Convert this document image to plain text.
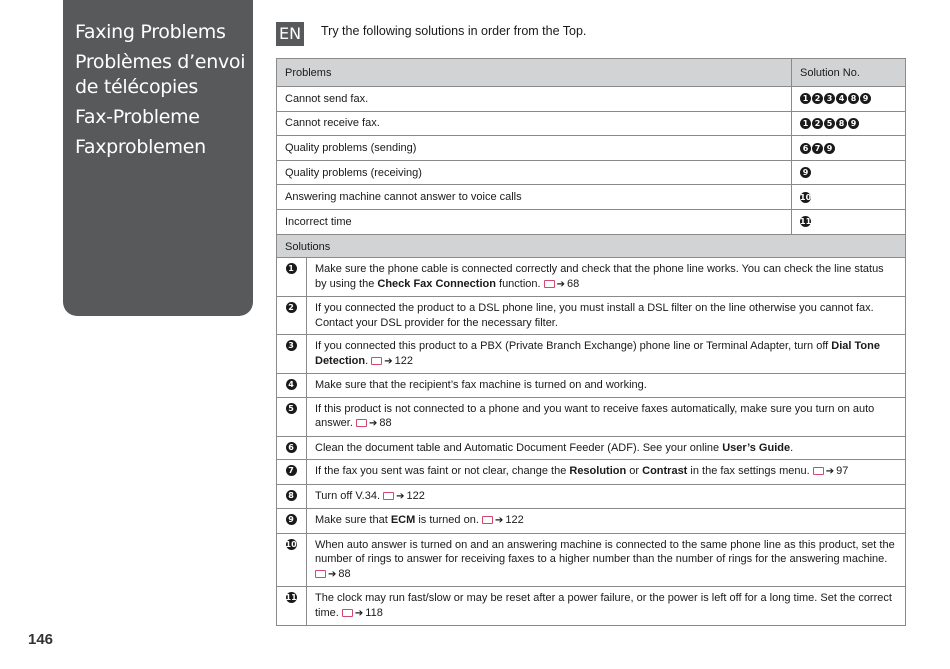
Faxing Problems
Problèmes d’envoi de télécopies
Fax-Probleme
Faxproblemen
EN Try the following solutions in order from the Top.
Problems	Solution No.
Cannot send fax.	1 2 3 4 8 9
Cannot receive fax.	1 2 5 8 9
Quality problems (sending)	6 7 9
Quality problems (receiving)	9
Answering machine cannot answer to voice calls	10
Incorrect time	11
Solutions
1	Make sure the phone cable is connected correctly and check that the phone line works. You can check the line status by using the Check Fax Connection function. ➔ 68
2	If you connected the product to a DSL phone line, you must install a DSL filter on the line otherwise you cannot fax. Contact your DSL provider for the necessary filter.
3	If you connected this product to a PBX (Private Branch Exchange) phone line or Terminal Adapter, turn off Dial Tone Detection. ➔ 122
4	Make sure that the recipient’s fax machine is turned on and working.
5	If this product is not connected to a phone and you want to receive faxes automatically, make sure you turn on auto answer. ➔ 88
6	Clean the document table and Automatic Document Feeder (ADF). See your online User’s Guide.
7	If the fax you sent was faint or not clear, change the Resolution or Contrast in the fax settings menu. ➔ 97
8	Turn off V.34. ➔ 122
9	Make sure that ECM is turned on. ➔ 122
10	When auto answer is turned on and an answering machine is connected to the same phone line as this product, set the number of rings to answer for receiving faxes to a higher number than the number of rings for the answering machine. ➔ 88
11	The clock may run fast/slow or may be reset after a power failure, or the power is left off for a long time. Set the correct time. ➔ 118
146
